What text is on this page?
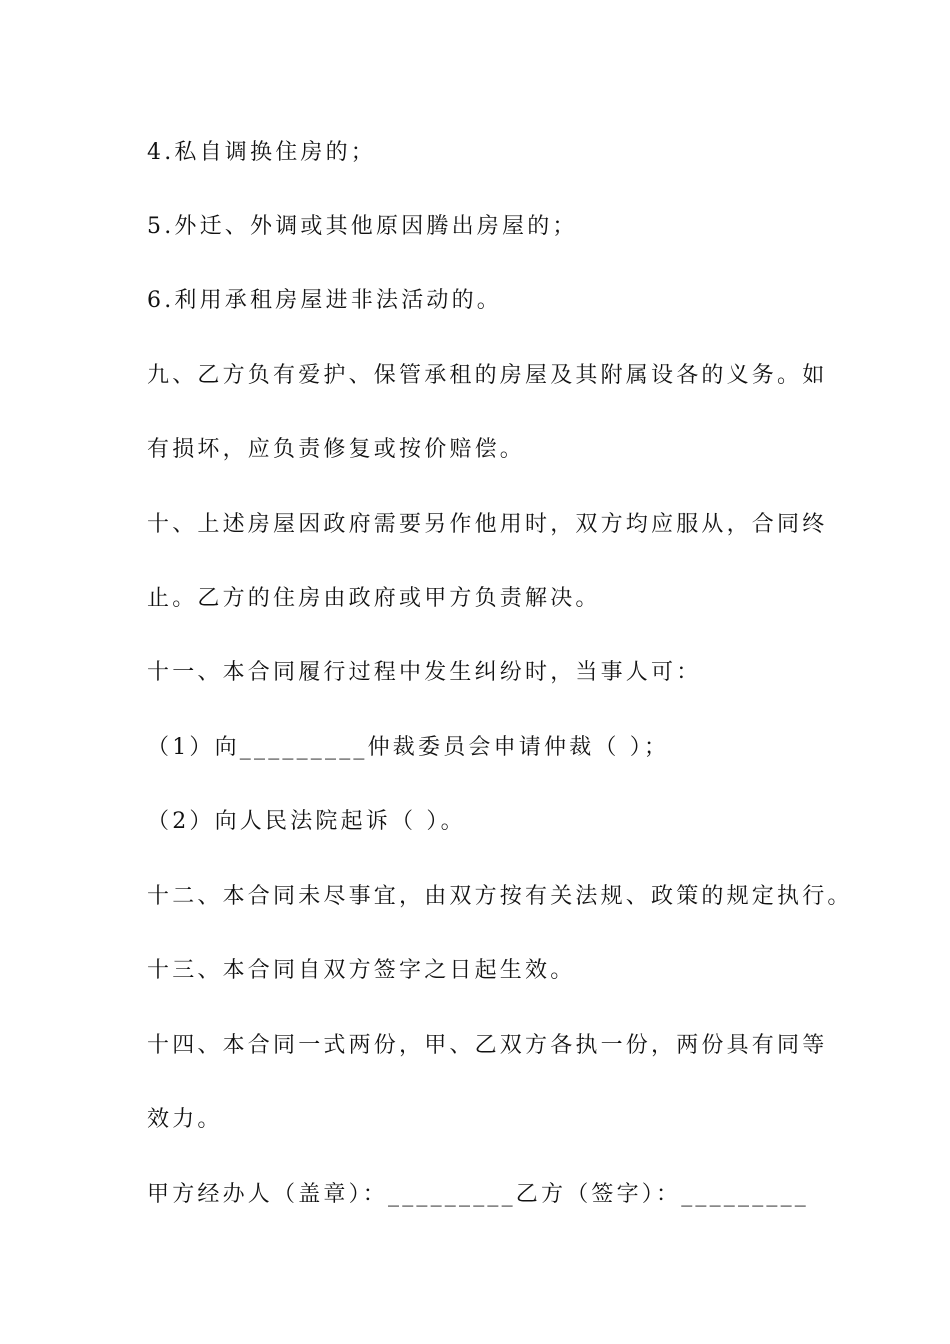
4.私自调换住房的；
5.外迁、外调或其他原因腾出房屋的；
6.利用承租房屋进非法活动的。
九、乙方负有爱护、保管承租的房屋及其附属设各的义务。如
有损坏，应负责修复或按价赔偿。
十、上述房屋因政府需要另作他用时，双方均应服从，合同终
止。乙方的住房由政府或甲方负责解决。
十一、本合同履行过程中发生纠纷时，当事人可：
（1）向_________仲裁委员会申请仲裁（ ）；
（2）向人民法院起诉（ ）。
十二、本合同未尽事宜，由双方按有关法规、政策的规定执行。
十三、本合同自双方签字之日起生效。
十四、本合同一式两份，甲、乙双方各执一份，两份具有同等
效力。
甲方经办人（盖章）：_________乙方（签字）：_________
